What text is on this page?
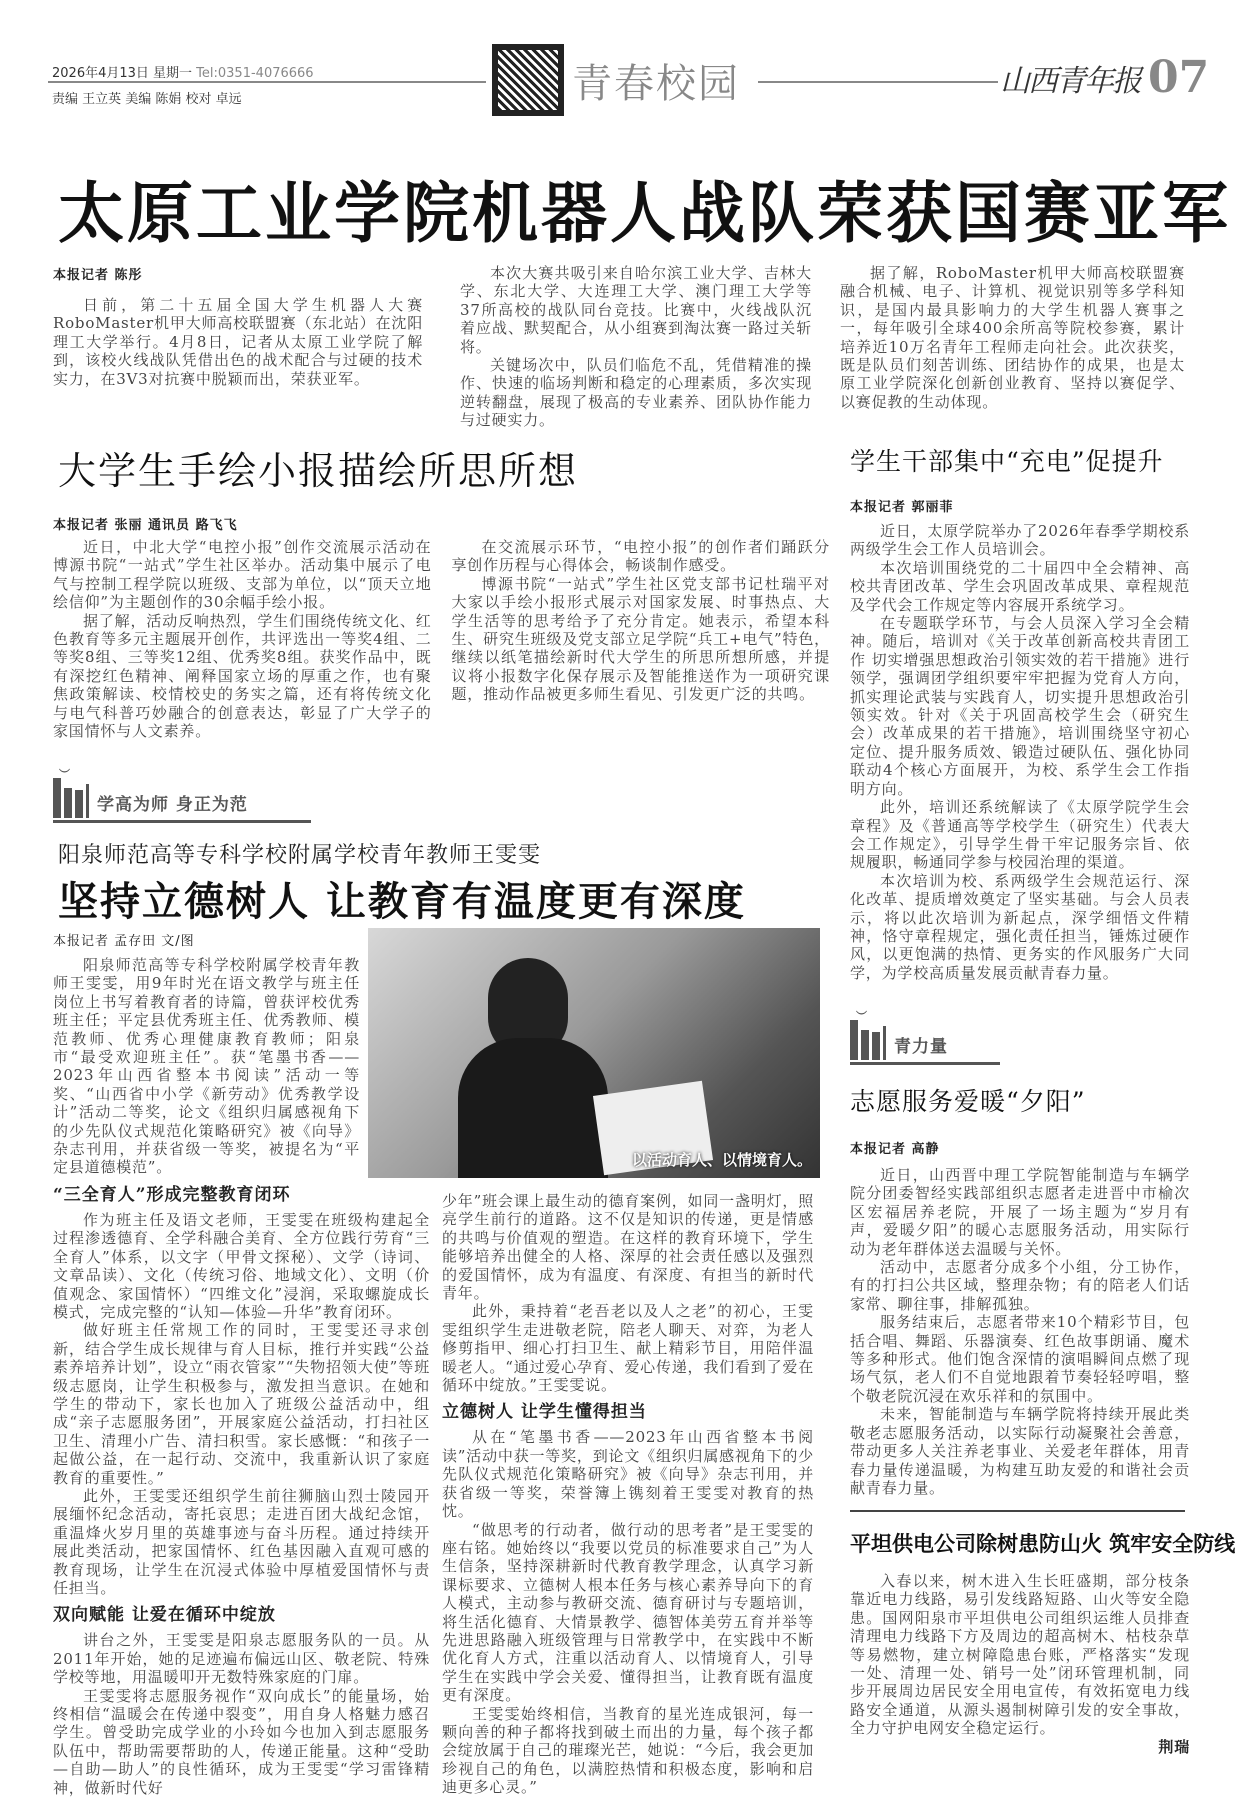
2026年4月13日 星期一 Tel:0351-4076666
责编 王立英 美编 陈娟 校对 卓远	青春校园	山西青年报 07
太原工业学院机器人战队荣获国赛亚军
本报记者 陈彤

日前，第二十五届全国大学生机器人大赛RoboMaster机甲大师高校联盟赛（东北站）在沈阳理工大学举行。4月8日，记者从太原工业学院了解到，该校火线战队凭借出色的战术配合与过硬的技术实力，在3V3对抗赛中脱颖而出，荣获亚军。

本次大赛共吸引来自哈尔滨工业大学、吉林大学、东北大学、大连理工大学、澳门理工大学等37所高校的战队同台竞技。比赛中，火线战队沉着应战、默契配合，从小组赛到淘汰赛一路过关斩将。

关键场次中，队员们临危不乱，凭借精准的操作、快速的临场判断和稳定的心理素质，多次实现逆转翻盘，展现了极高的专业素养、团队协作能力与过硬实力。

据了解，RoboMaster机甲大师高校联盟赛融合机械、电子、计算机、视觉识别等多学科知识，是国内最具影响力的大学生机器人赛事之一，每年吸引全球400余所高等院校参赛，累计培养近10万名青年工程师走向社会。此次获奖，既是队员们刻苦训练、团结协作的成果，也是太原工业学院深化创新创业教育、坚持以赛促学、以赛促教的生动体现。

大学生手绘小报描绘所思所想
本报记者 张丽 通讯员 路飞飞

近日，中北大学“电控小报”创作交流展示活动在博源书院“一站式”学生社区举办。活动集中展示了电气与控制工程学院以班级、支部为单位，以“顶天立地绘信仰”为主题创作的30余幅手绘小报。

据了解，活动反响热烈，学生们围绕传统文化、红色教育等多元主题展开创作，共评选出一等奖4组、二等奖8组、三等奖12组、优秀奖8组。获奖作品中，既有深挖红色精神、阐释国家立场的厚重之作，也有聚焦政策解读、校情校史的务实之篇，还有将传统文化与电气科普巧妙融合的创意表达，彰显了广大学子的家国情怀与人文素养。

在交流展示环节，“电控小报”的创作者们踊跃分享创作历程与心得体会，畅谈制作感受。

博源书院“一站式”学生社区党支部书记杜瑞平对大家以手绘小报形式展示对国家发展、时事热点、大学生活等的思考给予了充分肯定。她表示，希望本科生、研究生班级及党支部立足学院“兵工+电气”特色，继续以纸笔描绘新时代大学生的所思所想所感，并提议将小报数字化保存展示及智能推送作为一项研究课题，推动作品被更多师生看见、引发更广泛的共鸣。

︶
学高为师 身正为范
阳泉师范高等专科学校附属学校青年教师王雯雯
坚持立德树人 让教育有温度更有深度
本报记者 孟存田 文/图
以活动育人、以情境育人。

阳泉师范高等专科学校附属学校青年教师王雯雯，用9年时光在语文教学与班主任岗位上书写着教育者的诗篇，曾获评校优秀班主任；平定县优秀班主任、优秀教师、模范教师、优秀心理健康教育教师；阳泉市“最受欢迎班主任”。获“笔墨书香——2023年山西省整本书阅读”活动一等奖、“山西省中小学《新劳动》优秀教学设计”活动二等奖，论文《组织归属感视角下的少先队仪式规范化策略研究》被《向导》杂志刊用，并获省级一等奖，被提名为“平定县道德模范”。

“三全育人”形成完整教育闭环

作为班主任及语文老师，王雯雯在班级构建起全过程渗透德育、全学科融合美育、全方位践行劳育“三全育人”体系，以文字（甲骨文探秘）、文学（诗词、文章品读）、文化（传统习俗、地域文化）、文明（价值观念、家国情怀）“四维文化”浸润，采取螺旋成长模式，完成完整的“认知—体验—升华”教育闭环。

做好班主任常规工作的同时，王雯雯还寻求创新，结合学生成长规律与育人目标，推行并实践“公益素养培养计划”，设立“雨衣管家”“失物招领大使”等班级志愿岗，让学生积极参与，激发担当意识。在她和学生的带动下，家长也加入了班级公益活动中，组成“亲子志愿服务团”，开展家庭公益活动，打扫社区卫生、清理小广告、清扫积雪。家长感慨：“和孩子一起做公益，在一起行动、交流中，我重新认识了家庭教育的重要性。”

此外，王雯雯还组织学生前往狮脑山烈士陵园开展缅怀纪念活动，寄托哀思；走进百团大战纪念馆，重温烽火岁月里的英雄事迹与奋斗历程。通过持续开展此类活动，把家国情怀、红色基因融入直观可感的教育现场，让学生在沉浸式体验中厚植爱国情怀与责任担当。

双向赋能 让爱在循环中绽放

讲台之外，王雯雯是阳泉志愿服务队的一员。从2011年开始，她的足迹遍布偏远山区、敬老院、特殊学校等地，用温暖叩开无数特殊家庭的门扉。

王雯雯将志愿服务视作“双向成长”的能量场，始终相信“温暖会在传递中裂变”，用自身人格魅力感召学生。曾受助完成学业的小玲如今也加入到志愿服务队伍中，帮助需要帮助的人，传递正能量。这种“受助—自助—助人”的良性循环，成为王雯雯“学习雷锋精神，做新时代好

少年”班会课上最生动的德育案例，如同一盏明灯，照亮学生前行的道路。这不仅是知识的传递，更是情感的共鸣与价值观的塑造。在这样的教育环境下，学生能够培养出健全的人格、深厚的社会责任感以及强烈的爱国情怀，成为有温度、有深度、有担当的新时代青年。

此外，秉持着“老吾老以及人之老”的初心，王雯雯组织学生走进敬老院，陪老人聊天、对弈，为老人修剪指甲、细心打扫卫生、献上精彩节目，用陪伴温暖老人。“通过爱心孕育、爱心传递，我们看到了爱在循环中绽放。”王雯雯说。

立德树人 让学生懂得担当

从在“笔墨书香——2023年山西省整本书阅读”活动中获一等奖，到论文《组织归属感视角下的少先队仪式规范化策略研究》被《向导》杂志刊用，并获省级一等奖，荣誉簿上镌刻着王雯雯对教育的热忱。

“做思考的行动者，做行动的思考者”是王雯雯的座右铭。她始终以“我要以党员的标准要求自己”为人生信条，坚持深耕新时代教育教学理念，认真学习新课标要求、立德树人根本任务与核心素养导向下的育人模式，主动参与教研交流、德育研讨与专题培训，将生活化德育、大情景教学、德智体美劳五育并举等先进思路融入班级管理与日常教学中，在实践中不断优化育人方式，注重以活动育人、以情境育人，引导学生在实践中学会关爱、懂得担当，让教育既有温度更有深度。

王雯雯始终相信，当教育的星光连成银河，每一颗向善的种子都将找到破土而出的力量，每个孩子都会绽放属于自己的璀璨光芒，她说：“今后，我会更加珍视自己的角色，以满腔热情和积极态度，影响和启迪更多心灵。”

学生干部集中“充电”促提升
本报记者 郭丽菲

近日，太原学院举办了2026年春季学期校系两级学生会工作人员培训会。

本次培训围绕党的二十届四中全会精神、高校共青团改革、学生会巩固改革成果、章程规范及学代会工作规定等内容展开系统学习。

在专题联学环节，与会人员深入学习全会精神。随后，培训对《关于改革创新高校共青团工作 切实增强思想政治引领实效的若干措施》进行领学，强调团学组织要牢牢把握为党育人方向，抓实理论武装与实践育人，切实提升思想政治引领实效。针对《关于巩固高校学生会（研究生会）改革成果的若干措施》，培训围绕坚守初心定位、提升服务质效、锻造过硬队伍、强化协同联动4个核心方面展开，为校、系学生会工作指明方向。

此外，培训还系统解读了《太原学院学生会章程》及《普通高等学校学生（研究生）代表大会工作规定》，引导学生骨干牢记服务宗旨、依规履职，畅通同学参与校园治理的渠道。

本次培训为校、系两级学生会规范运行、深化改革、提质增效奠定了坚实基础。与会人员表示，将以此次培训为新起点，深学细悟文件精神，恪守章程规定，强化责任担当，锤炼过硬作风，以更饱满的热情、更务实的作风服务广大同学，为学校高质量发展贡献青春力量。

︶
青力量
志愿服务爱暖“夕阳”
本报记者 高静

近日，山西晋中理工学院智能制造与车辆学院分团委智经实践部组织志愿者走进晋中市榆次区宏福居养老院，开展了一场主题为“岁月有声，爱暖夕阳”的暖心志愿服务活动，用实际行动为老年群体送去温暖与关怀。

活动中，志愿者分成多个小组，分工协作，有的打扫公共区域，整理杂物；有的陪老人们话家常、聊往事，排解孤独。

服务结束后，志愿者带来10个精彩节目，包括合唱、舞蹈、乐器演奏、红色故事朗诵、魔术等多种形式。他们饱含深情的演唱瞬间点燃了现场气氛，老人们不自觉地跟着节奏轻轻哼唱，整个敬老院沉浸在欢乐祥和的氛围中。

未来，智能制造与车辆学院将持续开展此类敬老志愿服务活动，以实际行动凝聚社会善意，带动更多人关注养老事业、关爱老年群体，用青春力量传递温暖，为构建互助友爱的和谐社会贡献青春力量。

平坦供电公司除树患防山火 筑牢安全防线

入春以来，树木进入生长旺盛期，部分枝条靠近电力线路，易引发线路短路、山火等安全隐患。国网阳泉市平坦供电公司组织运维人员排查清理电力线路下方及周边的超高树木、枯枝杂草等易燃物，建立树障隐患台账，严格落实“发现一处、清理一处、销号一处”闭环管理机制，同步开展周边居民安全用电宣传，有效拓宽电力线路安全通道，从源头遏制树障引发的安全事故，全力守护电网安全稳定运行。

荆瑞
